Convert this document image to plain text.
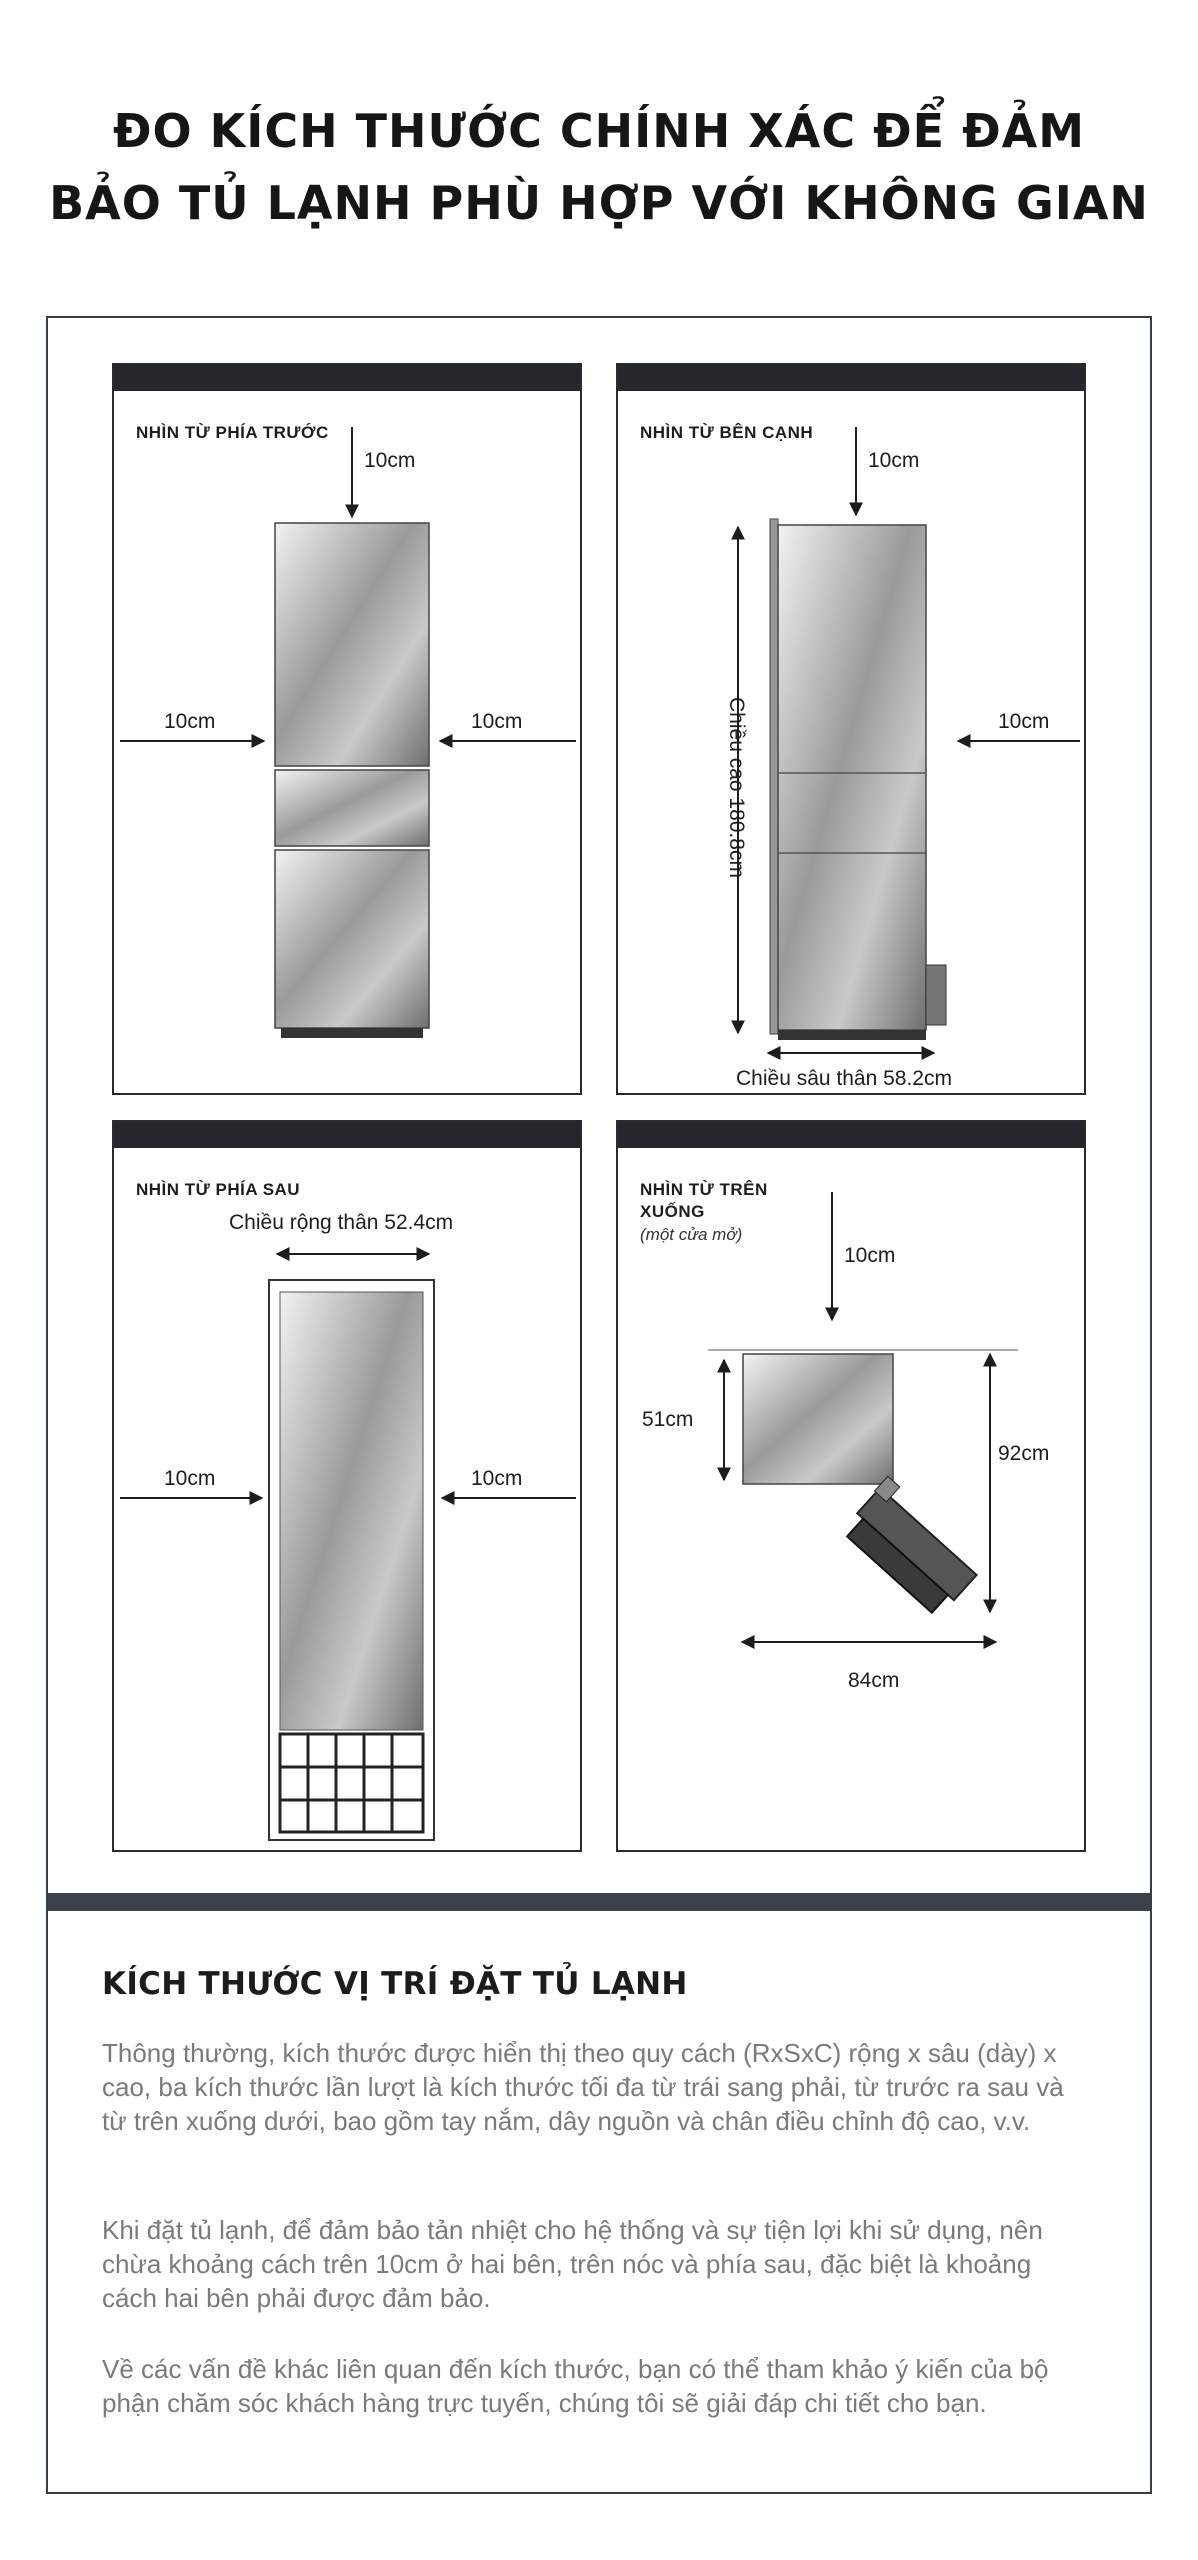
ĐO KÍCH THƯỚC CHÍNH XÁC ĐỂ ĐẢM
BẢO TỦ LẠNH PHÙ HỢP VỚI KHÔNG GIAN
NHÌN TỪ PHÍA TRƯỚC
10cm
10cm	10cm
NHÌN TỪ BÊN CẠNH
10cm
Chiều cao 180.8cm
Chiều sâu thân 58.2cm
10cm
NHÌN TỪ PHÍA SAU
Chiều rộng thân 52.4cm
10cm	10cm
NHÌN TỪ TRÊN
XUỐNG
(một cửa mở)
10cm
51cm
92cm
84cm
KÍCH THƯỚC VỊ TRÍ ĐẶT TỦ LẠNH

Thông thường, kích thước được hiển thị theo quy cách (RxSxC) rộng x sâu (dày) x cao, ba kích thước lần lượt là kích thước tối đa từ trái sang phải, từ trước ra sau và từ trên xuống dưới, bao gồm tay nắm, dây nguồn và chân điều chỉnh độ cao, v.v.

Khi đặt tủ lạnh, để đảm bảo tản nhiệt cho hệ thống và sự tiện lợi khi sử dụng, nên chừa khoảng cách trên 10cm ở hai bên, trên nóc và phía sau, đặc biệt là khoảng cách hai bên phải được đảm bảo.

Về các vấn đề khác liên quan đến kích thước, bạn có thể tham khảo ý kiến của bộ phận chăm sóc khách hàng trực tuyến, chúng tôi sẽ giải đáp chi tiết cho bạn.
